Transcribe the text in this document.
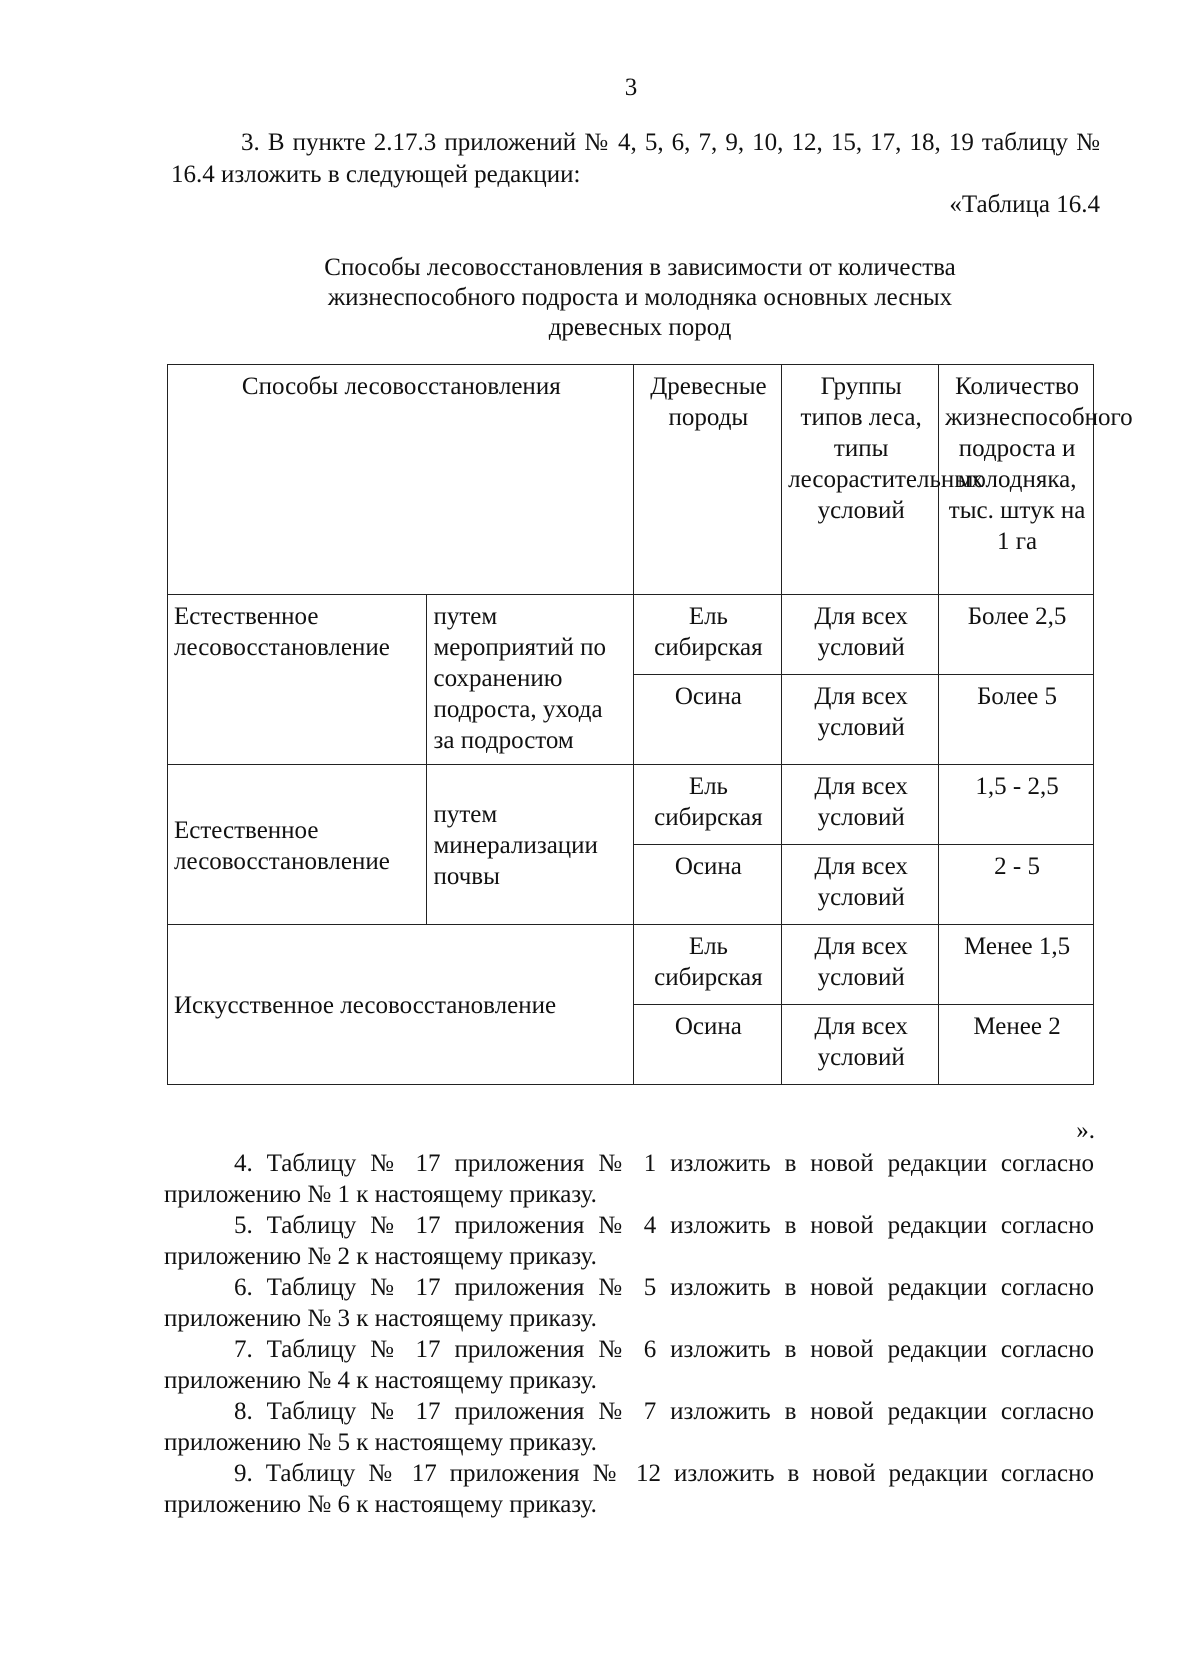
3
3. В пункте 2.17.3 приложений № 4, 5, 6, 7, 9, 10, 12, 15, 17, 18, 19 таблицу № 16.4 изложить в следующей редакции:
«Таблица 16.4
Способы лесовосстановления в зависимости от количества
жизнеспособного подроста и молодняка основных лесных
древесных пород
Способы лесовосстановления		Древесные породы	Группы типов леса, типы лесорастительных условий	Количество жизнеспособного подроста и молодняка, тыс. штук на 1 га
Естественное лесовосстановление	путем мероприятий по сохранению подроста, ухода за подростом	Ель сибирская	Для всех условий	Более 2,5
		Осина	Для всех условий	Более 5
Естественное лесовосстановление	путем минерализации почвы	Ель сибирская	Для всех условий	1,5 - 2,5
		Осина	Для всех условий	2 - 5
Искусственное лесовосстановление		Ель сибирская	Для всех условий	Менее 1,5
		Осина	Для всех условий	Менее 2
».
4. Таблицу № 17 приложения № 1 изложить в новой редакции согласно приложению № 1 к настоящему приказу.
5. Таблицу № 17 приложения № 4 изложить в новой редакции согласно приложению № 2 к настоящему приказу.
6. Таблицу № 17 приложения № 5 изложить в новой редакции согласно приложению № 3 к настоящему приказу.
7. Таблицу № 17 приложения № 6 изложить в новой редакции согласно приложению № 4 к настоящему приказу.
8. Таблицу № 17 приложения № 7 изложить в новой редакции согласно приложению № 5 к настоящему приказу.
9. Таблицу № 17 приложения № 12 изложить в новой редакции согласно приложению № 6 к настоящему приказу.
